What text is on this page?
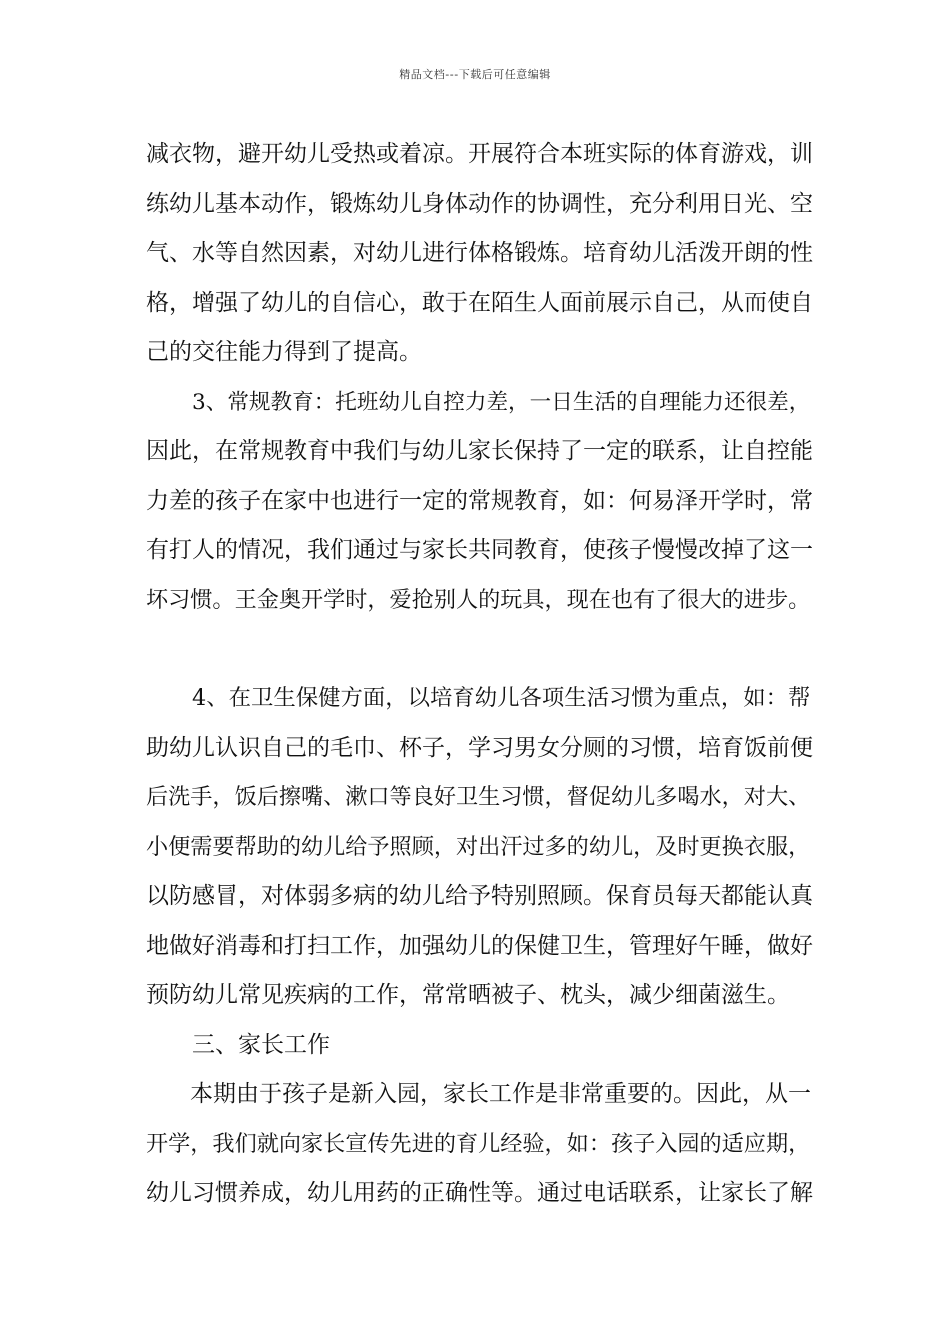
精品文档---下载后可任意编辑
减衣物，避开幼儿受热或着凉。开展符合本班实际的体育游戏，训
练幼儿基本动作，锻炼幼儿身体动作的协调性，充分利用日光、空
气、水等自然因素，对幼儿进行体格锻炼。培育幼儿活泼开朗的性
格，增强了幼儿的自信心，敢于在陌生人面前展示自己，从而使自
己的交往能力得到了提高。
3、常规教育：托班幼儿自控力差，一日生活的自理能力还很差，
因此，在常规教育中我们与幼儿家长保持了一定的联系，让自控能
力差的孩子在家中也进行一定的常规教育，如：何易泽开学时，常
有打人的情况，我们通过与家长共同教育，使孩子慢慢改掉了这一
坏习惯。王金奥开学时，爱抢别人的玩具，现在也有了很大的进步。
4、在卫生保健方面，以培育幼儿各项生活习惯为重点，如：帮
助幼儿认识自己的毛巾、杯子，学习男女分厕的习惯，培育饭前便
后洗手，饭后擦嘴、漱口等良好卫生习惯，督促幼儿多喝水，对大、
小便需要帮助的幼儿给予照顾，对出汗过多的幼儿，及时更换衣服，
以防感冒，对体弱多病的幼儿给予特别照顾。保育员每天都能认真
地做好消毒和打扫工作，加强幼儿的保健卫生，管理好午睡，做好
预防幼儿常见疾病的工作，常常晒被子、枕头，减少细菌滋生。
三、家长工作
本期由于孩子是新入园，家长工作是非常重要的。因此，从一
开学，我们就向家长宣传先进的育儿经验，如：孩子入园的适应期，
幼儿习惯养成，幼儿用药的正确性等。通过电话联系，让家长了解
